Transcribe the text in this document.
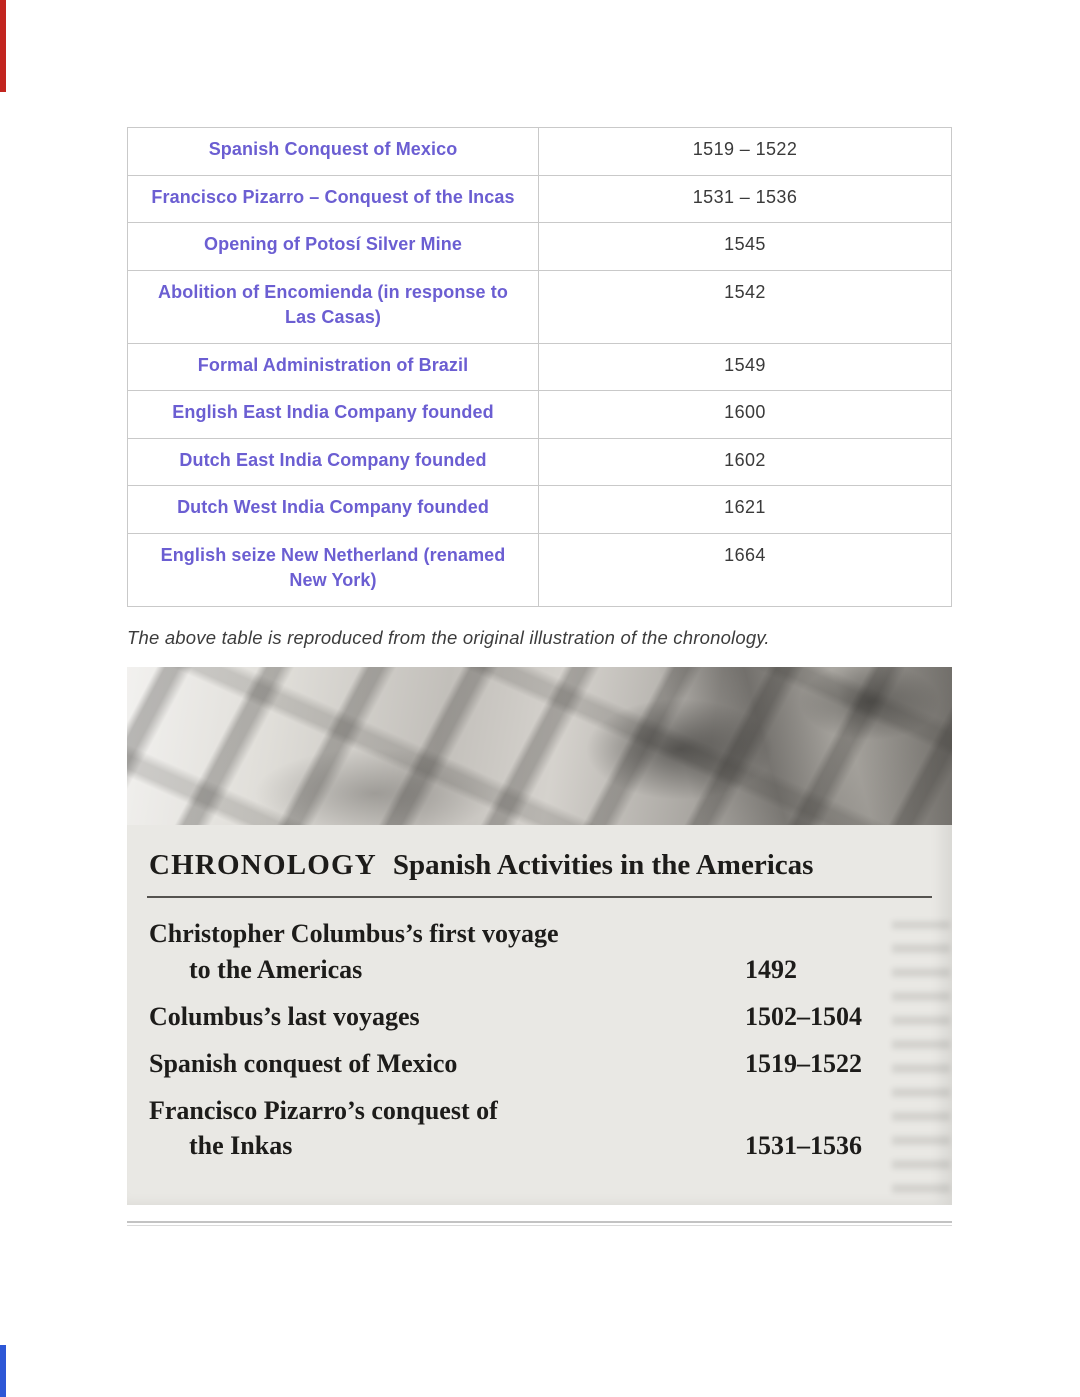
Spanish Conquest of Mexico	1519 – 1522
Francisco Pizarro – Conquest of the Incas	1531 – 1536
Opening of Potosí Silver Mine	1545
Abolition of Encomienda (in response to Las Casas)	1542
Formal Administration of Brazil	1549
English East India Company founded	1600
Dutch East India Company founded	1602
Dutch West India Company founded	1621
English seize New Netherland (renamed New York)	1664

The above table is reproduced from the original illustration of the chronology.

CHRONOLOGY Spanish Activities in the Americas
Christopher Columbus’s first voyage
to the Americas	1492
Columbus’s last voyages	1502–1504
Spanish conquest of Mexico	1519–1522
Francisco Pizarro’s conquest of
the Inkas	1531–1536
